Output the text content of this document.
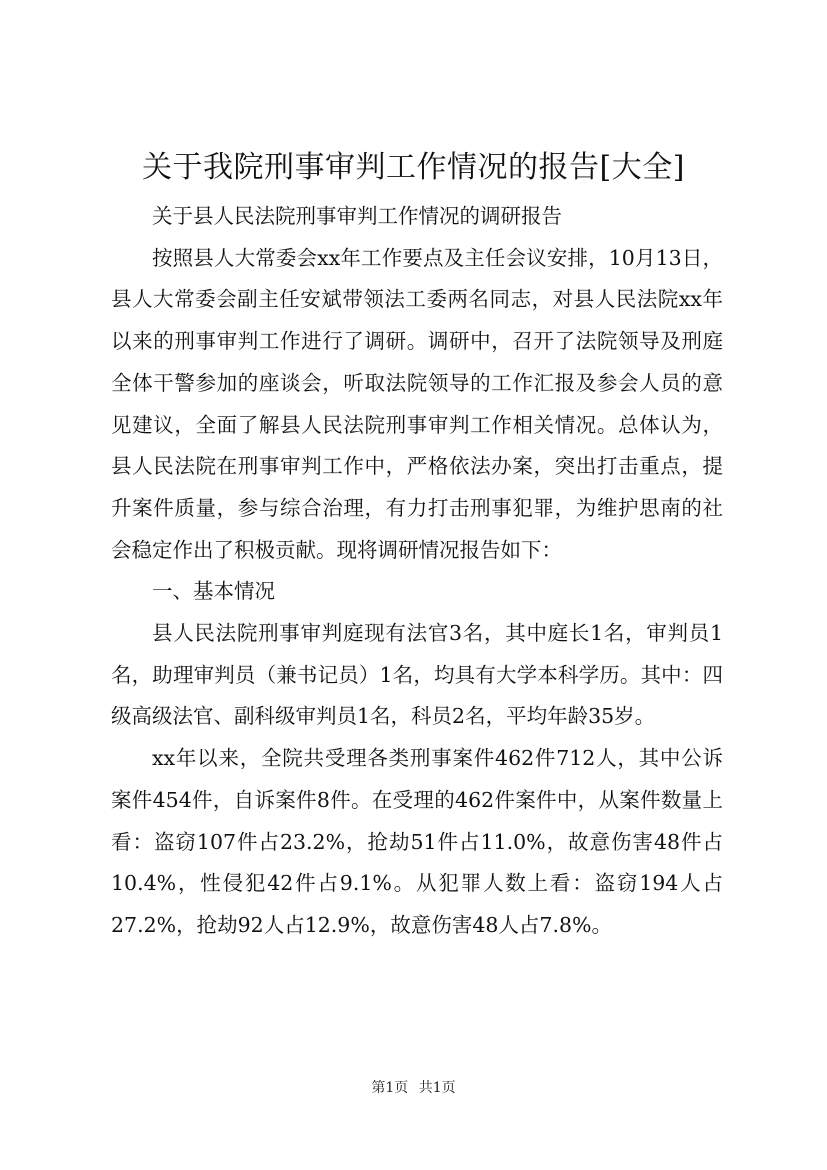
关于我院刑事审判工作情况的报告[大全]

关于县人民法院刑事审判工作情况的调研报告

按照县人大常委会xx年工作要点及主任会议安排，10月13日，县人大常委会副主任安斌带领法工委两名同志，对县人民法院xx年以来的刑事审判工作进行了调研。调研中，召开了法院领导及刑庭全体干警参加的座谈会，听取法院领导的工作汇报及参会人员的意见建议，全面了解县人民法院刑事审判工作相关情况。总体认为，县人民法院在刑事审判工作中，严格依法办案，突出打击重点，提升案件质量，参与综合治理，有力打击刑事犯罪，为维护思南的社会稳定作出了积极贡献。现将调研情况报告如下：

一、基本情况

县人民法院刑事审判庭现有法官3名，其中庭长1名，审判员1名，助理审判员（兼书记员）1名，均具有大学本科学历。其中：四级高级法官、副科级审判员1名，科员2名，平均年龄35岁。

xx年以来，全院共受理各类刑事案件462件712人，其中公诉案件454件，自诉案件8件。在受理的462件案件中，从案件数量上看：盗窃107件占23.2%，抢劫51件占11.0%，故意伤害48件占10.4%，性侵犯42件占9.1%。从犯罪人数上看：盗窃194人占27.2%，抢劫92人占12.9%，故意伤害48人占7.8%。

第1页 共1页
